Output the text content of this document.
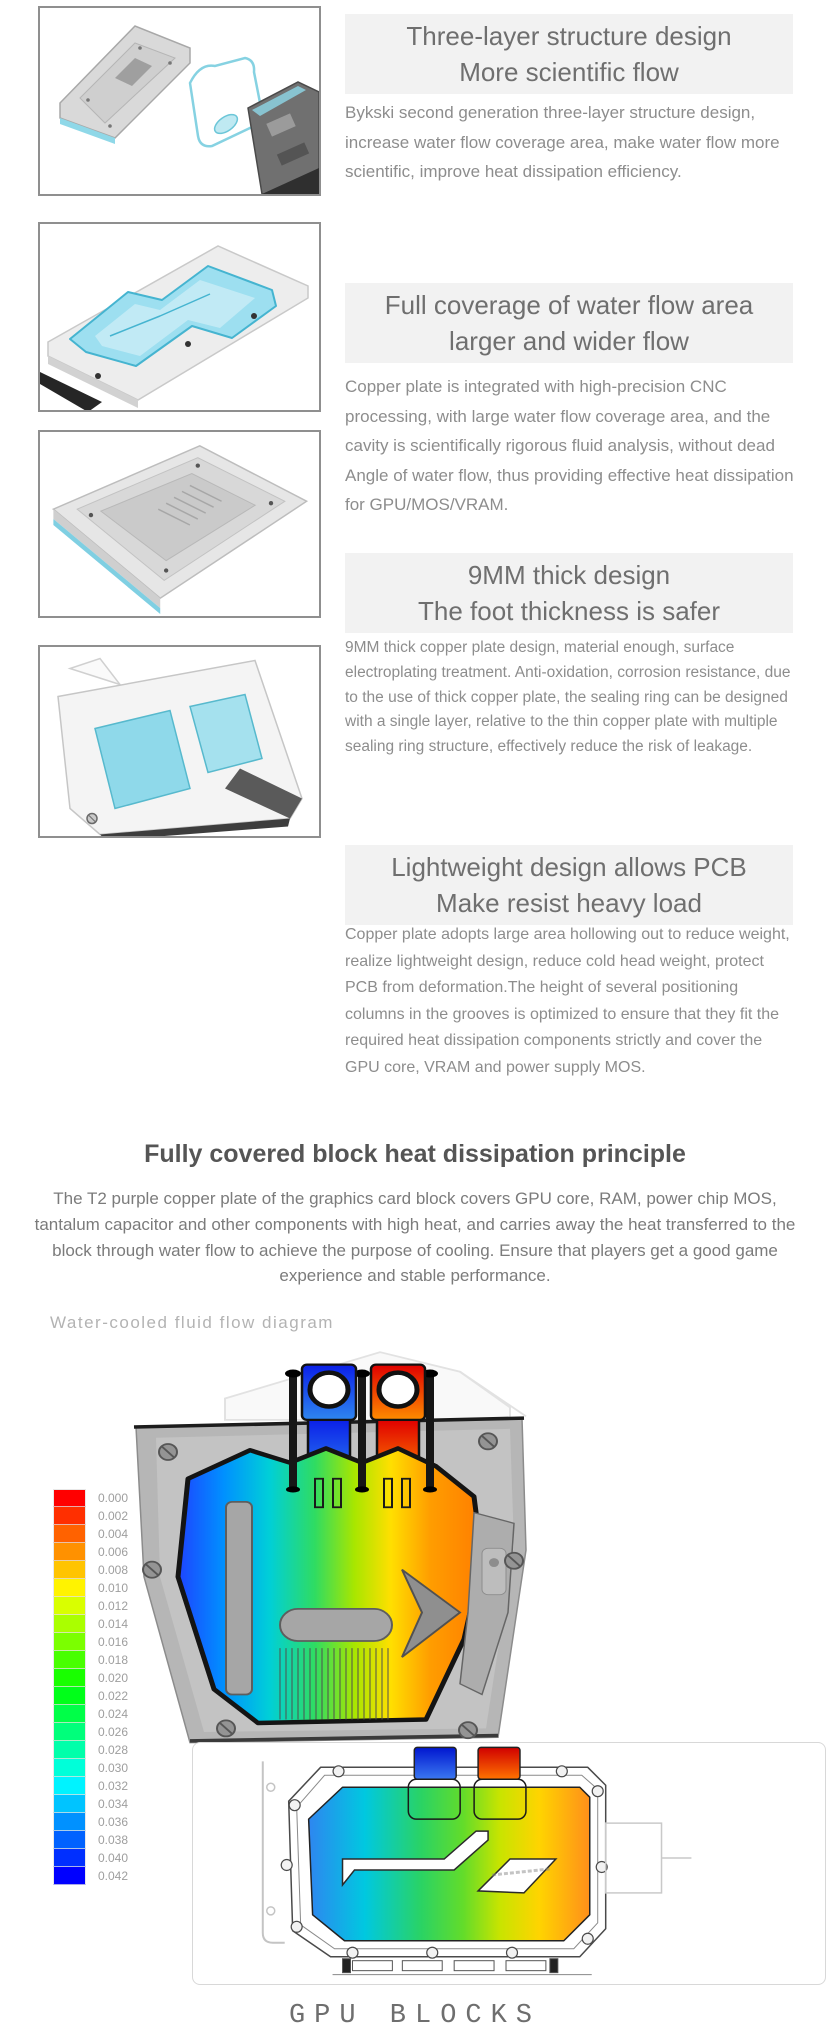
Three-layer structure design
More scientific flow
Bykski second generation three-layer structure design, increase water flow coverage area, make water flow more scientific, improve heat dissipation efficiency.
Full coverage of water flow area
larger and wider flow
Copper plate is integrated with high-precision CNC processing, with large water flow coverage area, and the cavity is scientifically rigorous fluid analysis, without dead Angle of water flow, thus providing effective heat dissipation for GPU/MOS/VRAM.
9MM thick design
The foot thickness is safer
9MM thick copper plate design, material enough, surface electroplating treatment. Anti-oxidation, corrosion resistance, due to the use of thick copper plate, the sealing ring can be designed with a single layer, relative to the thin copper plate with multiple sealing ring structure, effectively reduce the risk of leakage.
Lightweight design allows PCB
Make resist heavy load
Copper plate adopts large area hollowing out to reduce weight, realize lightweight design, reduce cold head weight, protect PCB from deformation.The height of several positioning columns in the grooves is optimized to ensure that they fit the required heat dissipation components strictly and cover the GPU core, VRAM and power supply MOS.
Fully covered block heat dissipation principle
The T2 purple copper plate of the graphics card block covers GPU core, RAM, power chip MOS, tantalum capacitor and other components with high heat, and carries away the heat transferred to the block through water flow to achieve the purpose of cooling. Ensure that players get a good game experience and stable performance.
Water-cooled fluid flow diagram
0.000
0.002
0.004
0.006
0.008
0.010
0.012
0.014
0.016
0.018
0.020
0.022
0.024
0.026
0.028
0.030
0.032
0.034
0.036
0.038
0.040
0.042
GPU BLOCKS
